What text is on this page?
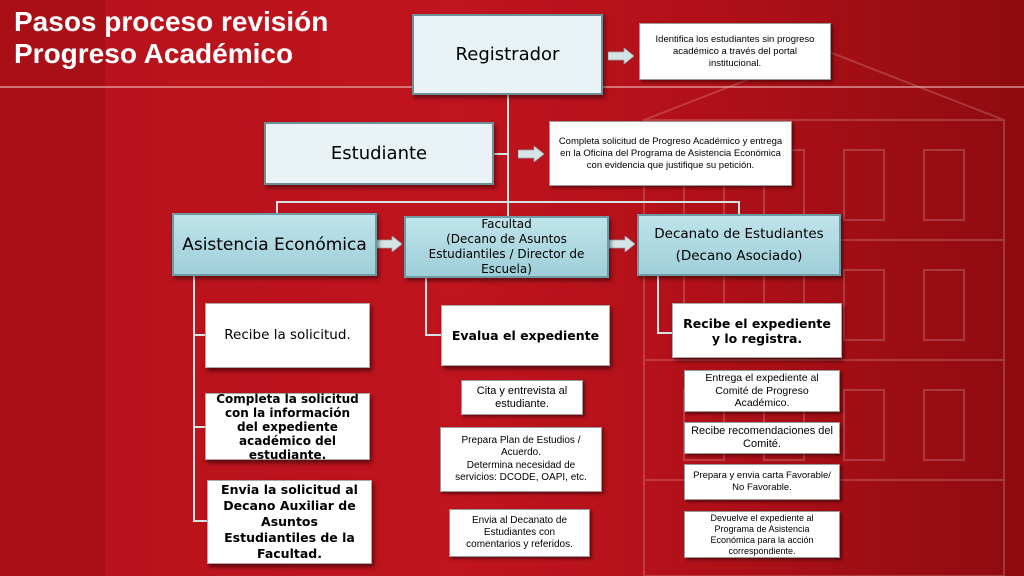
Pasos proceso revisión
Progreso Académico	Registrador
Identifica los estudiantes sin progreso académico a través del portal institucional.
Estudiante
Completa solicitud de Progreso Académico y entrega en la Oficina del Programa de Asistencia Económica con evidencia que justifique su petición.
Asistencia Económica
Facultad
(Decano de Asuntos Estudiantiles / Director de Escuela)
Decanato de Estudiantes
(Decano Asociado)
Recibe la solicitud.
Completa la solicitud con la información del expediente académico del estudiante.
Envia la solicitud al Decano Auxiliar de Asuntos Estudiantiles de la Facultad.
Evalua el expediente
Cita y entrevista al estudiante.
Prepara Plan de Estudios / Acuerdo.
Determina necesidad de servicios: DCODE, OAPI, etc.
Envia al Decanato de Estudiantes con comentarios y referidos.
Recibe el expediente y lo registra.
Entrega el expediente al Comité de Progreso Académico.
Recibe recomendaciones del Comité.
Prepara y envia carta Favorable/ No Favorable.
Devuelve el expediente al Programa de Asistencia Económica para la acción correspondiente.
